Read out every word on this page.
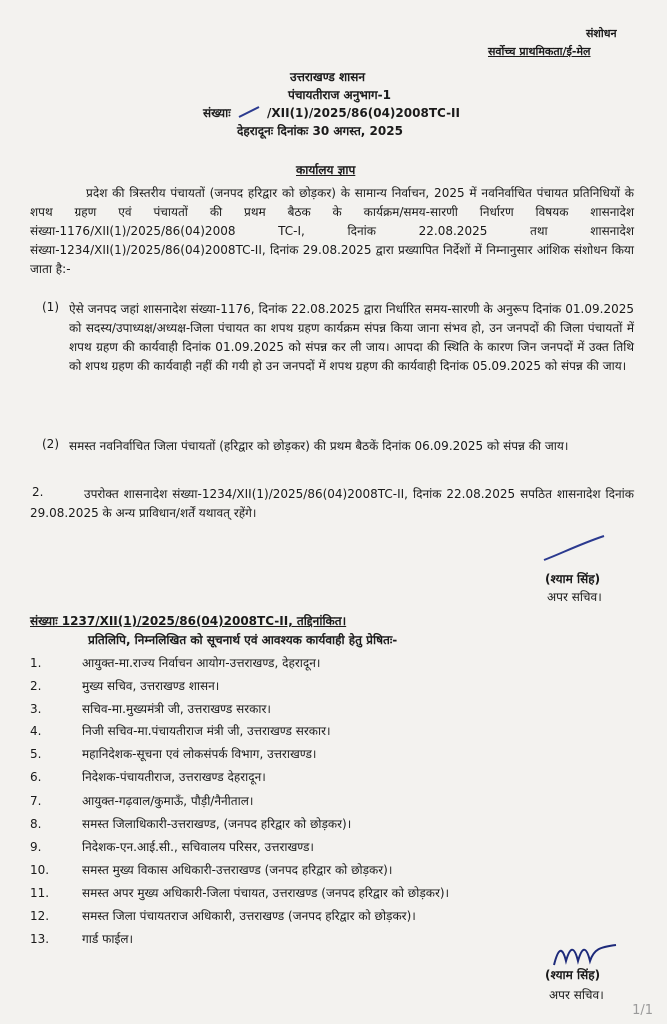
संशोधन
सर्वोच्च प्राथमिकता/ई-मेल
उत्तराखण्ड शासन
पंचायतीराज अनुभाग-1
संख्याः	/XII(1)/2025/86(04)2008TC-II
देहरादूनः दिनांकः 30 अगस्त, 2025
कार्यालय ज्ञाप
प्रदेश की त्रिस्तरीय पंचायतों (जनपद हरिद्वार को छोड़कर) के सामान्य निर्वाचन, 2025 में नवनिर्वाचित पंचायत प्रतिनिधियों के शपथ ग्रहण एवं पंचायतों की प्रथम बैठक के कार्यक्रम/समय-सारणी निर्धारण विषयक शासनादेश संख्या-1176/XII(1)/2025/86(04)2008 TC-I, दिनांक 22.08.2025 तथा शासनादेश संख्या-1234/XII(1)/2025/86(04)2008TC-II, दिनांक 29.08.2025 द्वारा प्रख्यापित निर्देशों में निम्नानुसार आंशिक संशोधन किया जाता है:-
(1) ऐसे जनपद जहां शासनादेश संख्या-1176, दिनांक 22.08.2025 द्वारा निर्धारित समय-सारणी के अनुरूप दिनांक 01.09.2025 को सदस्य/उपाध्यक्ष/अध्यक्ष-जिला पंचायत का शपथ ग्रहण कार्यक्रम संपन्न किया जाना संभव हो, उन जनपदों की जिला पंचायतों में शपथ ग्रहण की कार्यवाही दिनांक 01.09.2025 को संपन्न कर ली जाय। आपदा की स्थिति के कारण जिन जनपदों में उक्त तिथि को शपथ ग्रहण की कार्यवाही नहीं की गयी हो उन जनपदों में शपथ ग्रहण की कार्यवाही दिनांक 05.09.2025 को संपन्न की जाय।
(2) समस्त नवनिर्वाचित जिला पंचायतों (हरिद्वार को छोड़कर) की प्रथम बैठकें दिनांक 06.09.2025 को संपन्न की जाय।
2.	उपरोक्त शासनादेश संख्या-1234/XII(1)/2025/86(04)2008TC-II, दिनांक 22.08.2025 सपठित शासनादेश दिनांक 29.08.2025 के अन्य प्राविधान/शर्तें यथावत् रहेंगे।
(श्याम सिंह)
अपर सचिव।
संख्याः 1237/XII(1)/2025/86(04)2008TC-II, तद्दिनांकित।
प्रतिलिपि, निम्नलिखित को सूचनार्थ एवं आवश्यक कार्यवाही हेतु प्रेषितः-
1.	आयुक्त-मा.राज्य निर्वाचन आयोग-उत्तराखण्ड, देहरादून।
2.	मुख्य सचिव, उत्तराखण्ड शासन।
3.	सचिव-मा.मुख्यमंत्री जी, उत्तराखण्ड सरकार।
4.	निजी सचिव-मा.पंचायतीराज मंत्री जी, उत्तराखण्ड सरकार।
5.	महानिदेशक-सूचना एवं लोकसंपर्क विभाग, उत्तराखण्ड।
6.	निदेशक-पंचायतीराज, उत्तराखण्ड देहरादून।
7.	आयुक्त-गढ़वाल/कुमाऊँ, पौड़ी/नैनीताल।
8.	समस्त जिलाधिकारी-उत्तराखण्ड, (जनपद हरिद्वार को छोड़कर)।
9.	निदेशक-एन.आई.सी., सचिवालय परिसर, उत्तराखण्ड।
10.	समस्त मुख्य विकास अधिकारी-उत्तराखण्ड (जनपद हरिद्वार को छोड़कर)।
11.	समस्त अपर मुख्य अधिकारी-जिला पंचायत, उत्तराखण्ड (जनपद हरिद्वार को छोड़कर)।
12.	समस्त जिला पंचायतराज अधिकारी, उत्तराखण्ड (जनपद हरिद्वार को छोड़कर)।
13.	गार्ड फाईल।
(श्याम सिंह)
अपर सचिव।
1/1
